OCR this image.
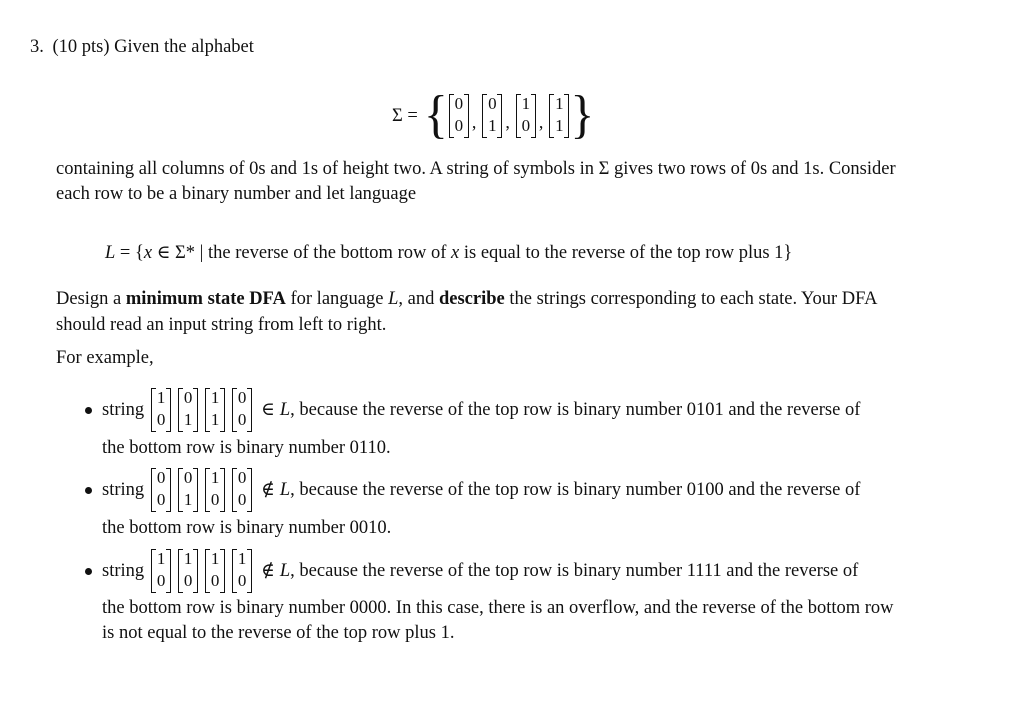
3. (10 pts) Given the alphabet
Σ = { 0
0 ,
0
1 ,
1
0 ,
1
1 }
containing all columns of 0s and 1s of height two. A string of symbols in Σ gives two rows of 0s and 1s. Consider
each row to be a binary number and let language
L = {x ∈ Σ* | the reverse of the bottom row of x is equal to the reverse of the top row plus 1}
Design a minimum state DFA for language L, and describe the strings corresponding to each state. Your DFA
should read an input string from left to right.
For example,
string
1
0
0
1
1
1
0
0 ∈ L , because the reverse of the top row is binary number 0101 and the reverse of
the bottom row is binary number 0110.
string
0
0
0
1
1
0
0
0 ∉ L , because the reverse of the top row is binary number 0100 and the reverse of
the bottom row is binary number 0010.
string
1
0
1
0
1
0
1
0 ∉ L , because the reverse of the top row is binary number 1111 and the reverse of
the bottom row is binary number 0000. In this case, there is an overflow, and the reverse of the bottom row
is not equal to the reverse of the top row plus 1.
